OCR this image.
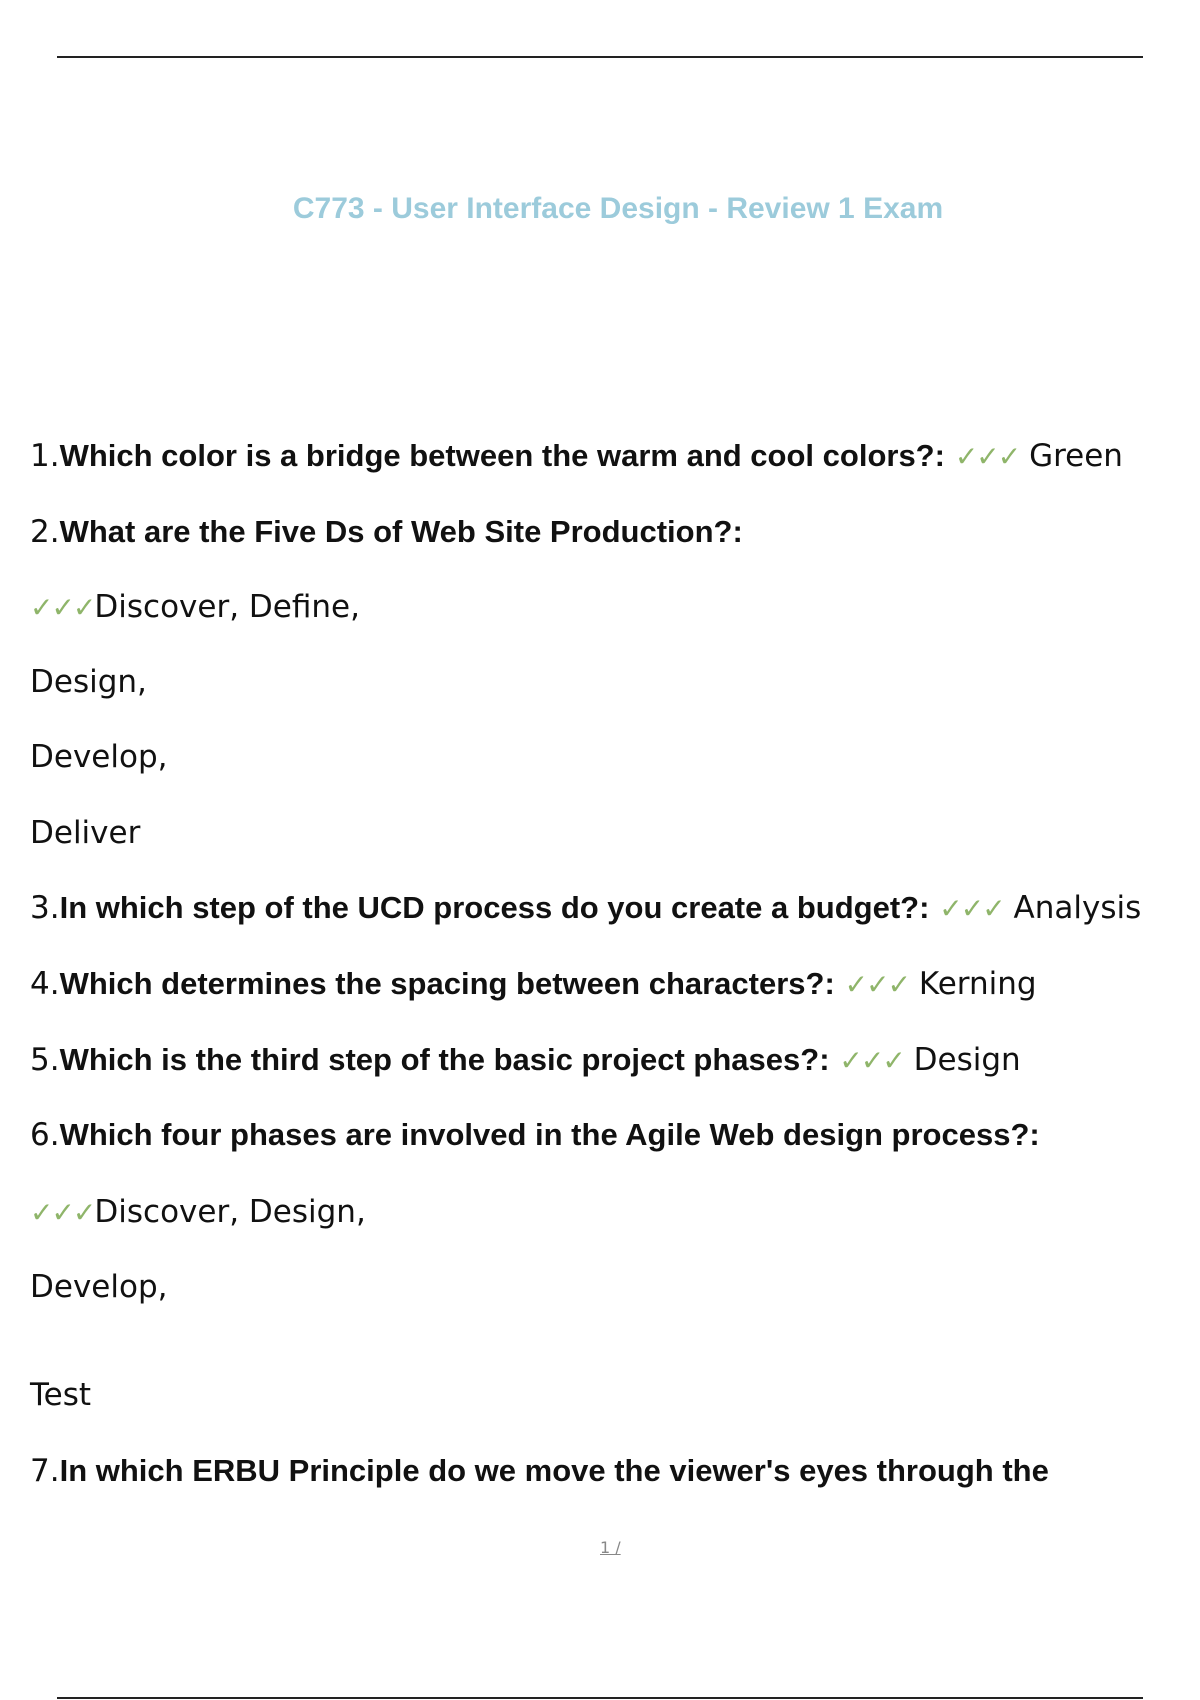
C773 - User Interface Design - Review 1 Exam
1.Which color is a bridge between the warm and cool colors?: ✓✓✓ Green
2.What are the Five Ds of Web Site Production?:
✓✓✓Discover, Define,
Design,
Develop,
Deliver
3.In which step of the UCD process do you create a budget?: ✓✓✓ Analysis
4.Which determines the spacing between characters?: ✓✓✓ Kerning
5.Which is the third step of the basic project phases?: ✓✓✓ Design
6.Which four phases are involved in the Agile Web design process?:
✓✓✓Discover, Design,
Develop,
Test
7.In which ERBU Principle do we move the viewer's eyes through the
1 /
